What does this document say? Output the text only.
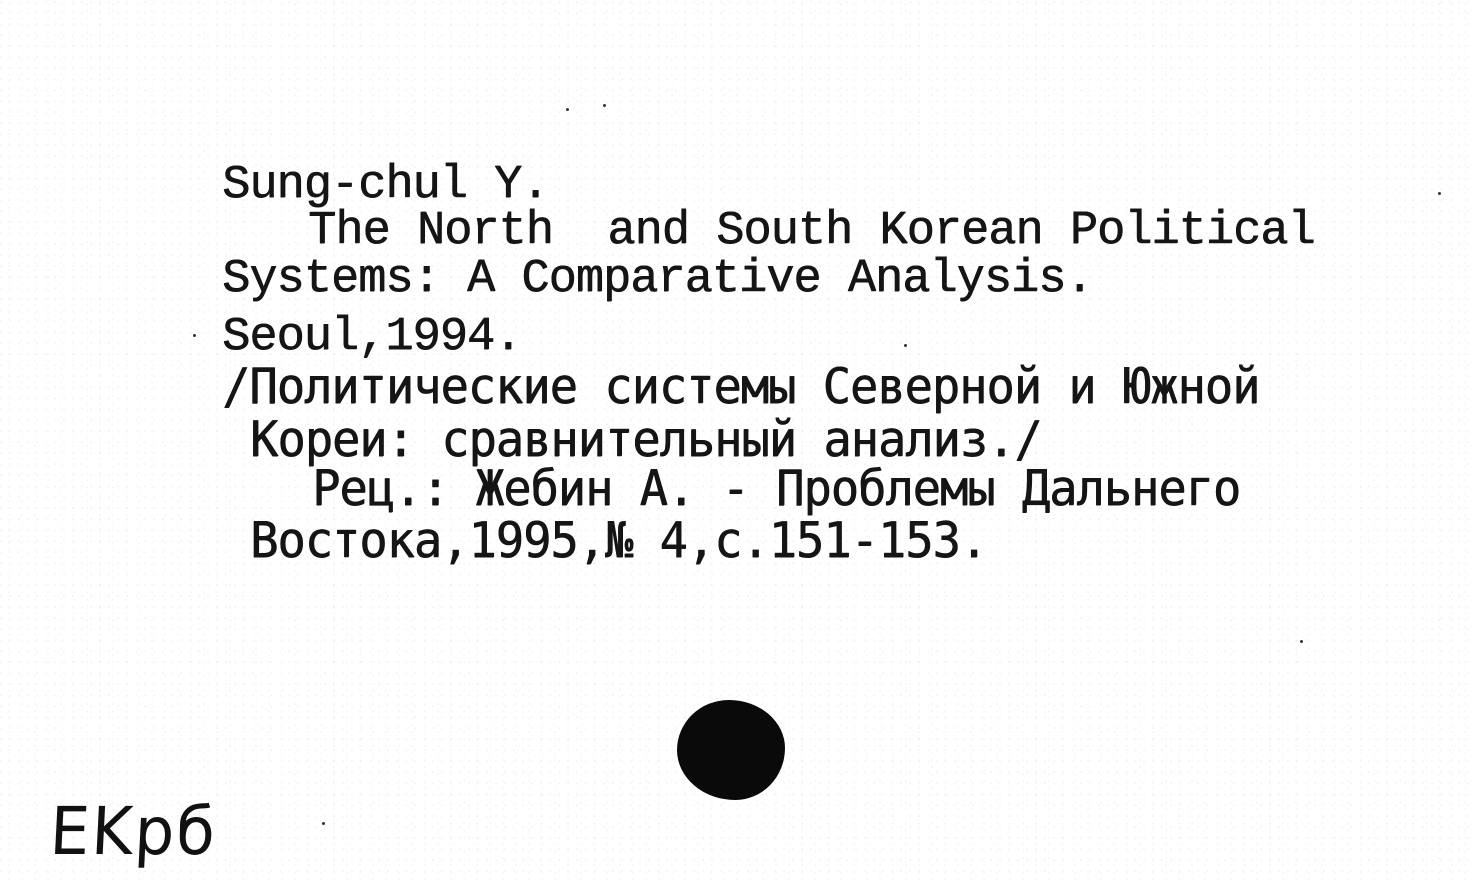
Sung-chul Y.
The North  and South Korean Political
Systems: A Comparative Analysis.
Seoul,1994.
/Политические системы Северной и Южной
Кореи: сравнительный анализ./
Рец.: Жебин А. - Проблемы Дальнего
Востока,1995,№ 4,с.151-153.
EKpб
